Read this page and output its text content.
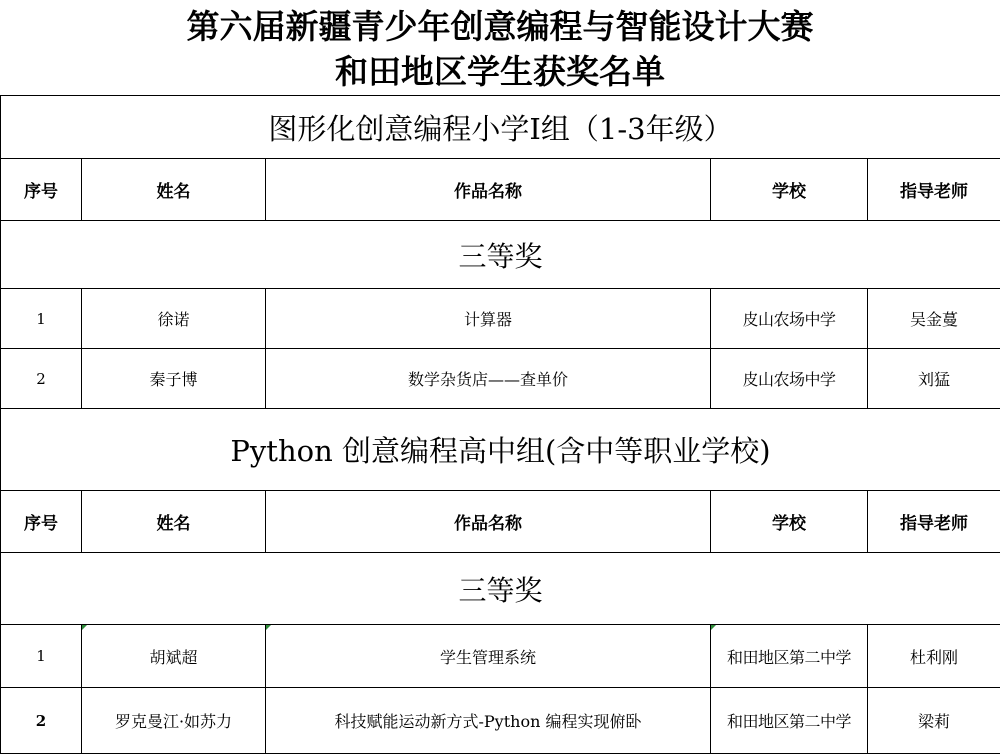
第六届新疆青少年创意编程与智能设计大赛
和田地区学生获奖名单
图形化创意编程小学Ⅰ组（1-3年级）				
序号	姓名	作品名称	学校	指导老师
三等奖				
1	徐诺	计算器	皮山农场中学	吴金蔓
2	秦子博	数学杂货店——查单价	皮山农场中学	刘猛
Python 创意编程高中组(含中等职业学校)				
序号	姓名	作品名称	学校	指导老师
三等奖				
1	胡斌超	学生管理系统	和田地区第二中学	杜利刚
2	罗克曼江·如苏力	科技赋能运动新方式-Python 编程实现俯卧	和田地区第二中学	梁莉
